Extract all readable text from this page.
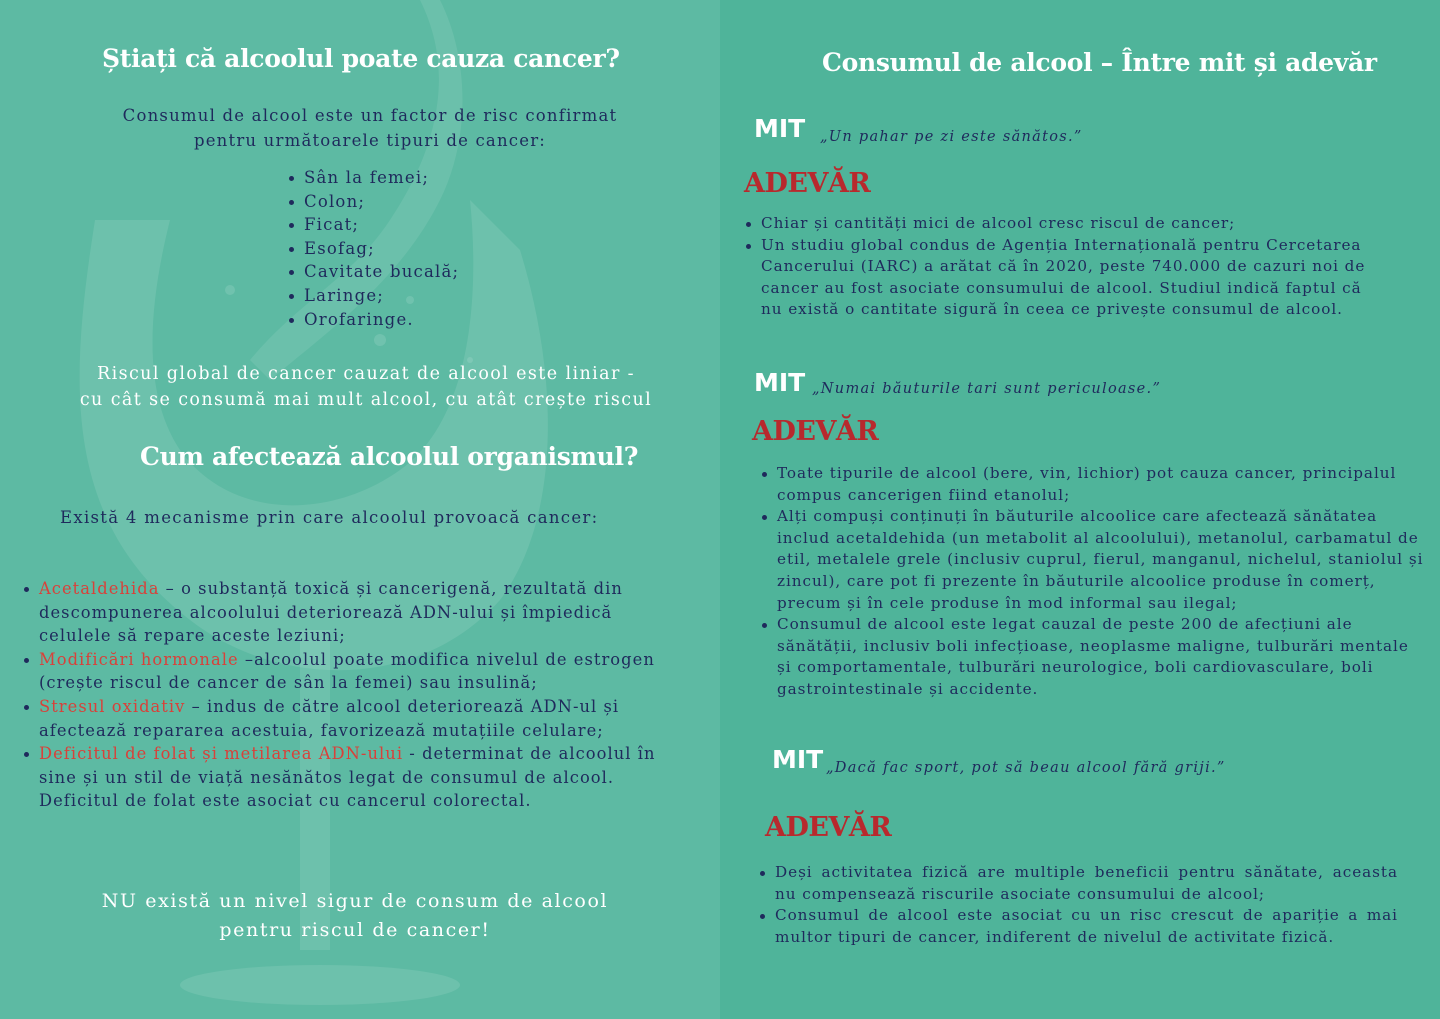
Știați că alcoolul poate cauza cancer?

Consumul de alcool este un factor de risc confirmat

pentru următoarele tipuri de cancer:

Sân la femei;
Colon;
Ficat;
Esofag;
Cavitate bucală;
Laringe;
Orofaringe.

Riscul global de cancer cauzat de alcool este liniar -

cu cât se consumă mai mult alcool, cu atât crește riscul

Cum afectează alcoolul organismul?

Există 4 mecanisme prin care alcoolul provoacă cancer:

Acetaldehida – o substanță toxică și cancerigenă, rezultată din descompunerea alcoolului deteriorează ADN-ului și împiedică celulele să repare aceste leziuni;
Modificări hormonale –alcoolul poate modifica nivelul de estrogen (crește riscul de cancer de sân la femei) sau insulină;
Stresul oxidativ – indus de către alcool deteriorează ADN-ul și afectează repararea acestuia, favorizează mutațiile celulare;
Deficitul de folat și metilarea ADN-ului - determinat de alcoolul în sine și un stil de viață nesănătos legat de consumul de alcool. Deficitul de folat este asociat cu cancerul colorectal.

NU există un nivel sigur de consum de alcool

pentru riscul de cancer!

Consumul de alcool – Între mit și adevăr
MIT „Un pahar pe zi este sănătos.”
ADEVĂR
Chiar și cantități mici de alcool cresc riscul de cancer;
Un studiu global condus de Agenția Internațională pentru Cercetarea Cancerului (IARC) a arătat că în 2020, peste 740.000 de cazuri noi de cancer au fost asociate consumului de alcool. Studiul indică faptul că nu există o cantitate sigură în ceea ce privește consumul de alcool.
MIT „Numai băuturile tari sunt periculoase.”
ADEVĂR
Toate tipurile de alcool (bere, vin, lichior) pot cauza cancer, principalul compus cancerigen fiind etanolul;
Alți compuși conținuți în băuturile alcoolice care afectează sănătatea includ acetaldehida (un metabolit al alcoolului), metanolul, carbamatul de etil, metalele grele (inclusiv cuprul, fierul, manganul, nichelul, staniolul și zincul), care pot fi prezente în băuturile alcoolice produse în comerț, precum și în cele produse în mod informal sau ilegal;
Consumul de alcool este legat cauzal de peste 200 de afecțiuni ale sănătății, inclusiv boli infecțioase, neoplasme maligne, tulburări mentale și comportamentale, tulburări neurologice, boli cardiovasculare, boli gastrointestinale și accidente.
MIT „Dacă fac sport, pot să beau alcool fără griji.”
ADEVĂR
Deși activitatea fizică are multiple beneficii pentru sănătate, aceasta nu compensează riscurile asociate consumului de alcool;
Consumul de alcool este asociat cu un risc crescut de apariție a mai multor tipuri de cancer, indiferent de nivelul de activitate fizică.
